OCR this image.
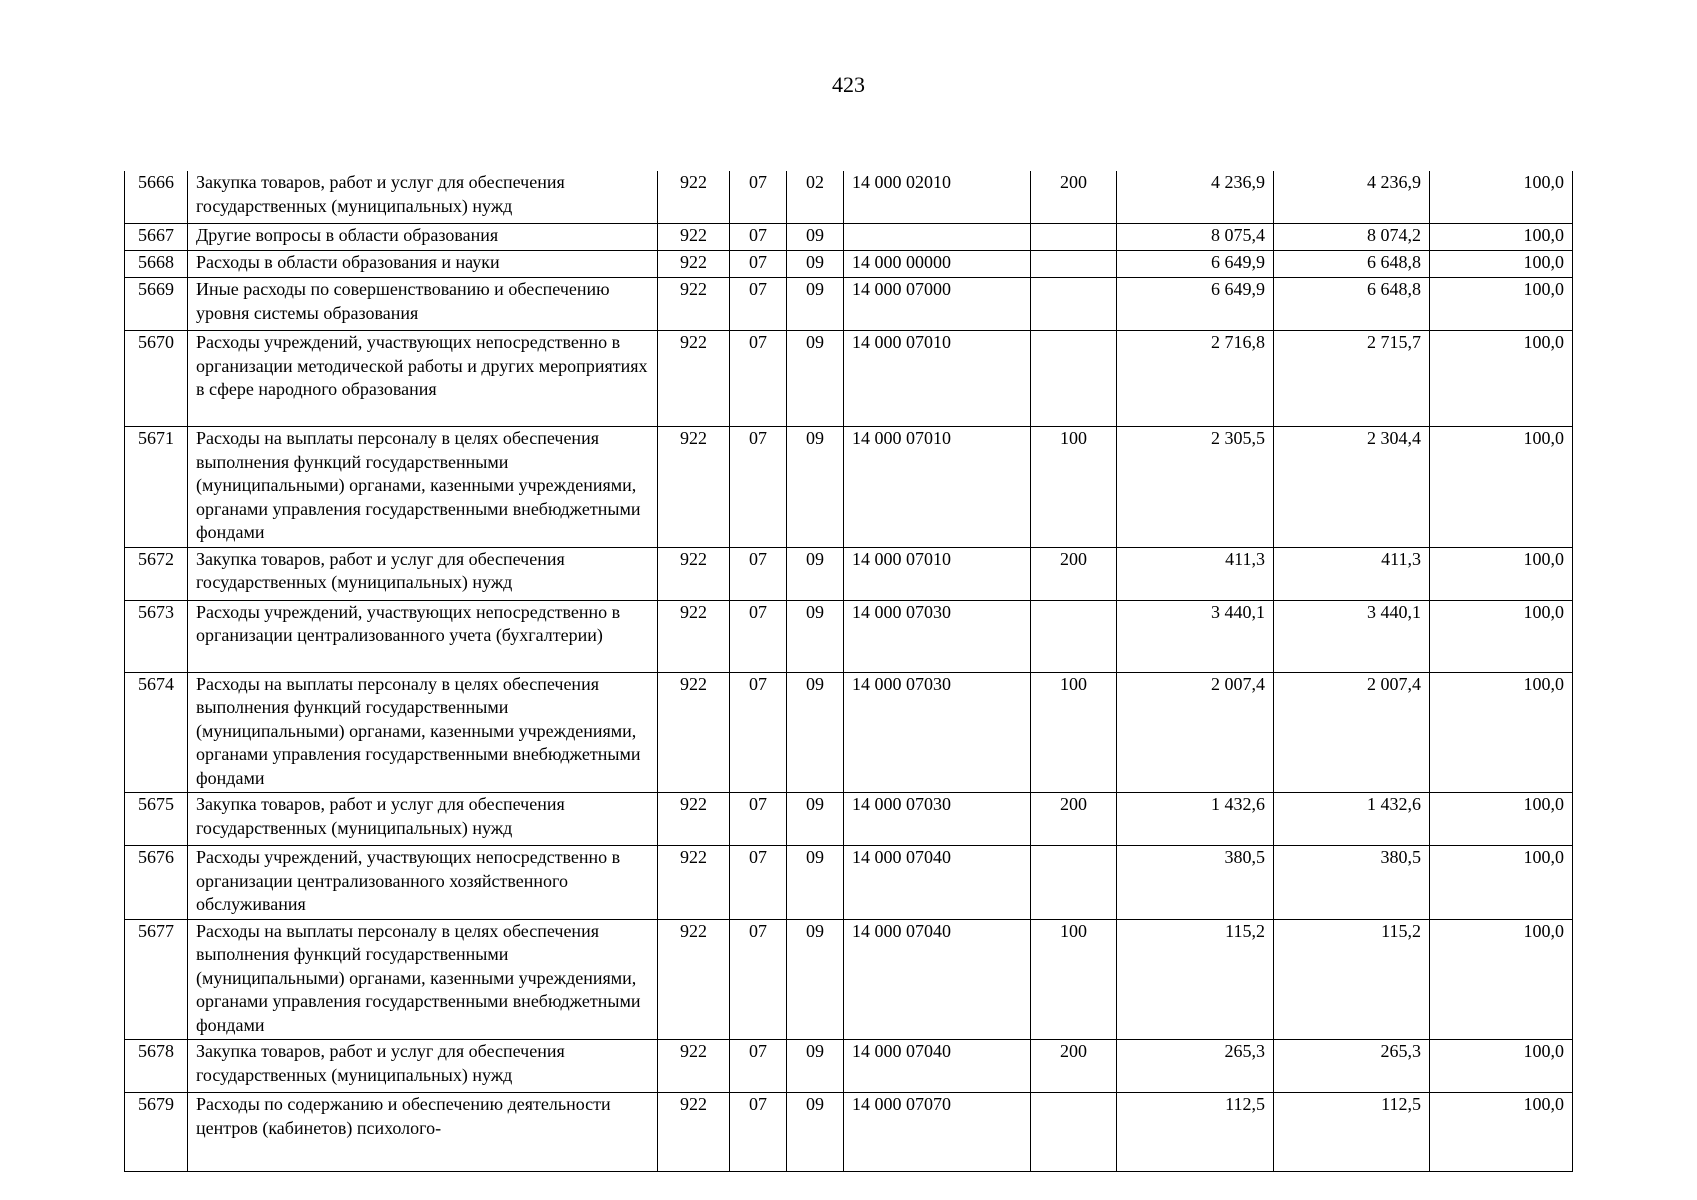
423
5666	Закупка товаров, работ и услуг для обеспечения государственных (муниципальных) нужд	922	07	02	14 000 02010	200	4 236,9	4 236,9	100,0
5667	Другие вопросы в области образования	922	07	09			8 075,4	8 074,2	100,0
5668	Расходы в области образования и науки	922	07	09	14 000 00000		6 649,9	6 648,8	100,0
5669	Иные расходы по совершенствованию и обеспечению уровня системы образования	922	07	09	14 000 07000		6 649,9	6 648,8	100,0
5670	Расходы учреждений, участвующих непосредственно в организации методической работы и других мероприятиях в сфере народного образования	922	07	09	14 000 07010		2 716,8	2 715,7	100,0
5671	Расходы на выплаты персоналу в целях обеспечения выполнения функций государственными (муниципальными) органами, казенными учреждениями, органами управления государственными внебюджетными фондами	922	07	09	14 000 07010	100	2 305,5	2 304,4	100,0
5672	Закупка товаров, работ и услуг для обеспечения государственных (муниципальных) нужд	922	07	09	14 000 07010	200	411,3	411,3	100,0
5673	Расходы учреждений, участвующих непосредственно в организации централизованного учета (бухгалтерии)	922	07	09	14 000 07030		3 440,1	3 440,1	100,0
5674	Расходы на выплаты персоналу в целях обеспечения выполнения функций государственными (муниципальными) органами, казенными учреждениями, органами управления государственными внебюджетными фондами	922	07	09	14 000 07030	100	2 007,4	2 007,4	100,0
5675	Закупка товаров, работ и услуг для обеспечения государственных (муниципальных) нужд	922	07	09	14 000 07030	200	1 432,6	1 432,6	100,0
5676	Расходы учреждений, участвующих непосредственно в организации централизованного хозяйственного обслуживания	922	07	09	14 000 07040		380,5	380,5	100,0
5677	Расходы на выплаты персоналу в целях обеспечения выполнения функций государственными (муниципальными) органами, казенными учреждениями, органами управления государственными внебюджетными фондами	922	07	09	14 000 07040	100	115,2	115,2	100,0
5678	Закупка товаров, работ и услуг для обеспечения государственных (муниципальных) нужд	922	07	09	14 000 07040	200	265,3	265,3	100,0
5679	Расходы по содержанию и обеспечению деятельности центров (кабинетов) психолого-	922	07	09	14 000 07070		112,5	112,5	100,0
